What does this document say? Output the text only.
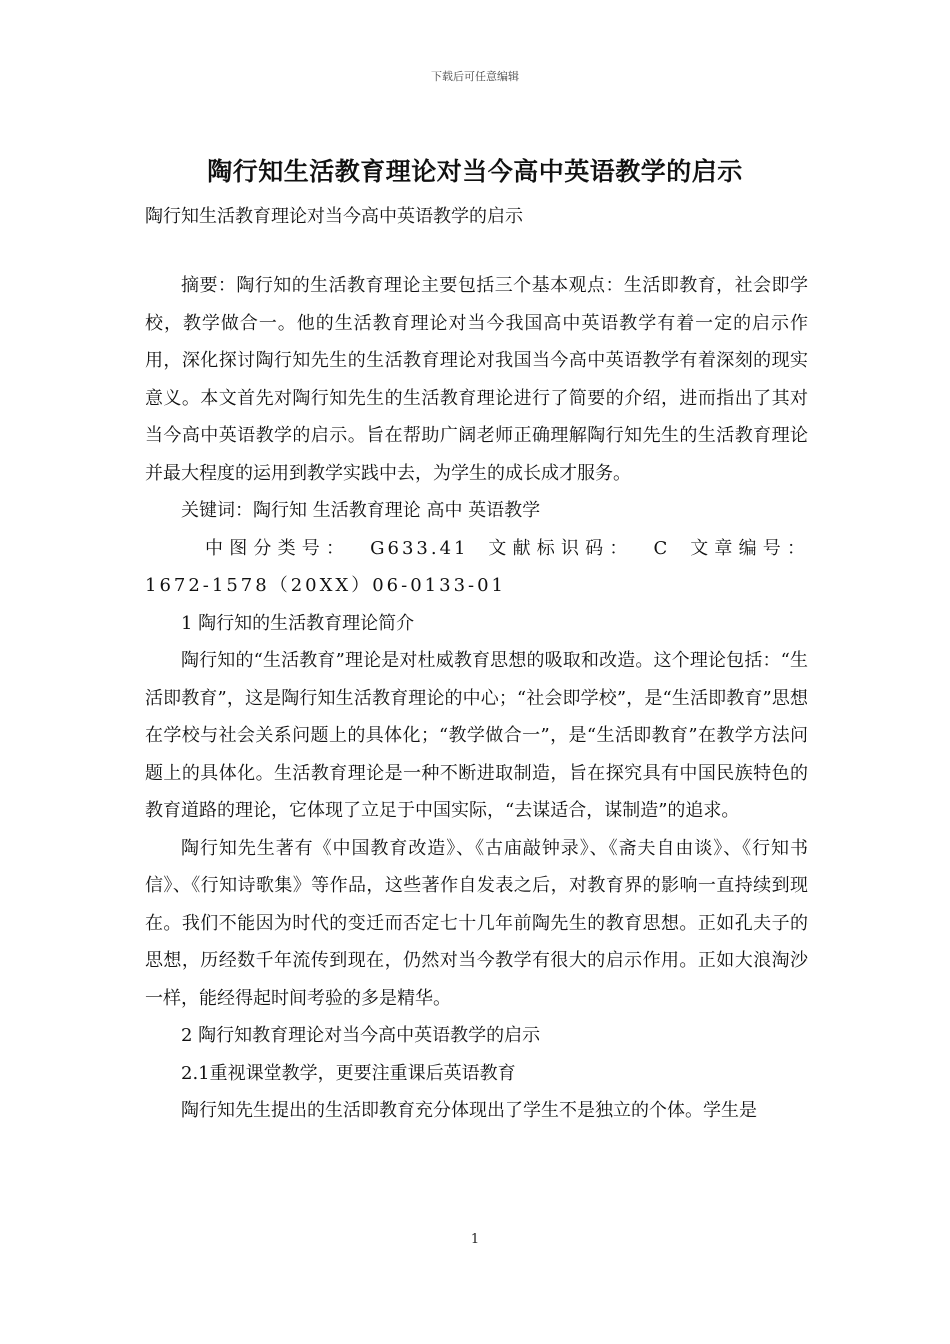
下载后可任意编辑
陶行知生活教育理论对当今高中英语教学的启示
陶行知生活教育理论对当今高中英语教学的启示

摘要：陶行知的生活教育理论主要包括三个基本观点：生活即教育，社会即学校，教学做合一。他的生活教育理论对当今我国高中英语教学有着一定的启示作用，深化探讨陶行知先生的生活教育理论对我国当今高中英语教学有着深刻的现实意义。本文首先对陶行知先生的生活教育理论进行了简要的介绍，进而指出了其对当今高中英语教学的启示。旨在帮助广阔老师正确理解陶行知先生的生活教育理论并最大程度的运用到教学实践中去，为学生的成长成才服务。

关键词：陶行知 生活教育理论 高中 英语教学

中图分类号： G633.41 文献标识码： C 文章编号：1672-1578（20XX）06-0133-01

1 陶行知的生活教育理论简介

陶行知的“生活教育”理论是对杜威教育思想的吸取和改造。这个理论包括：“生活即教育”，这是陶行知生活教育理论的中心；“社会即学校”，是“生活即教育”思想在学校与社会关系问题上的具体化；“教学做合一”，是“生活即教育”在教学方法问题上的具体化。生活教育理论是一种不断进取制造，旨在探究具有中国民族特色的教育道路的理论，它体现了立足于中国实际，“去谋适合，谋制造”的追求。

陶行知先生著有《中国教育改造》、《古庙敲钟录》、《斋夫自由谈》、《行知书信》、《行知诗歌集》等作品，这些著作自发表之后，对教育界的影响一直持续到现在。我们不能因为时代的变迁而否定七十几年前陶先生的教育思想。正如孔夫子的思想，历经数千年流传到现在，仍然对当今教学有很大的启示作用。正如大浪淘沙一样，能经得起时间考验的多是精华。

2 陶行知教育理论对当今高中英语教学的启示

2.1重视课堂教学，更要注重课后英语教育

陶行知先生提出的生活即教育充分体现出了学生不是独立的个体。学生是

1
